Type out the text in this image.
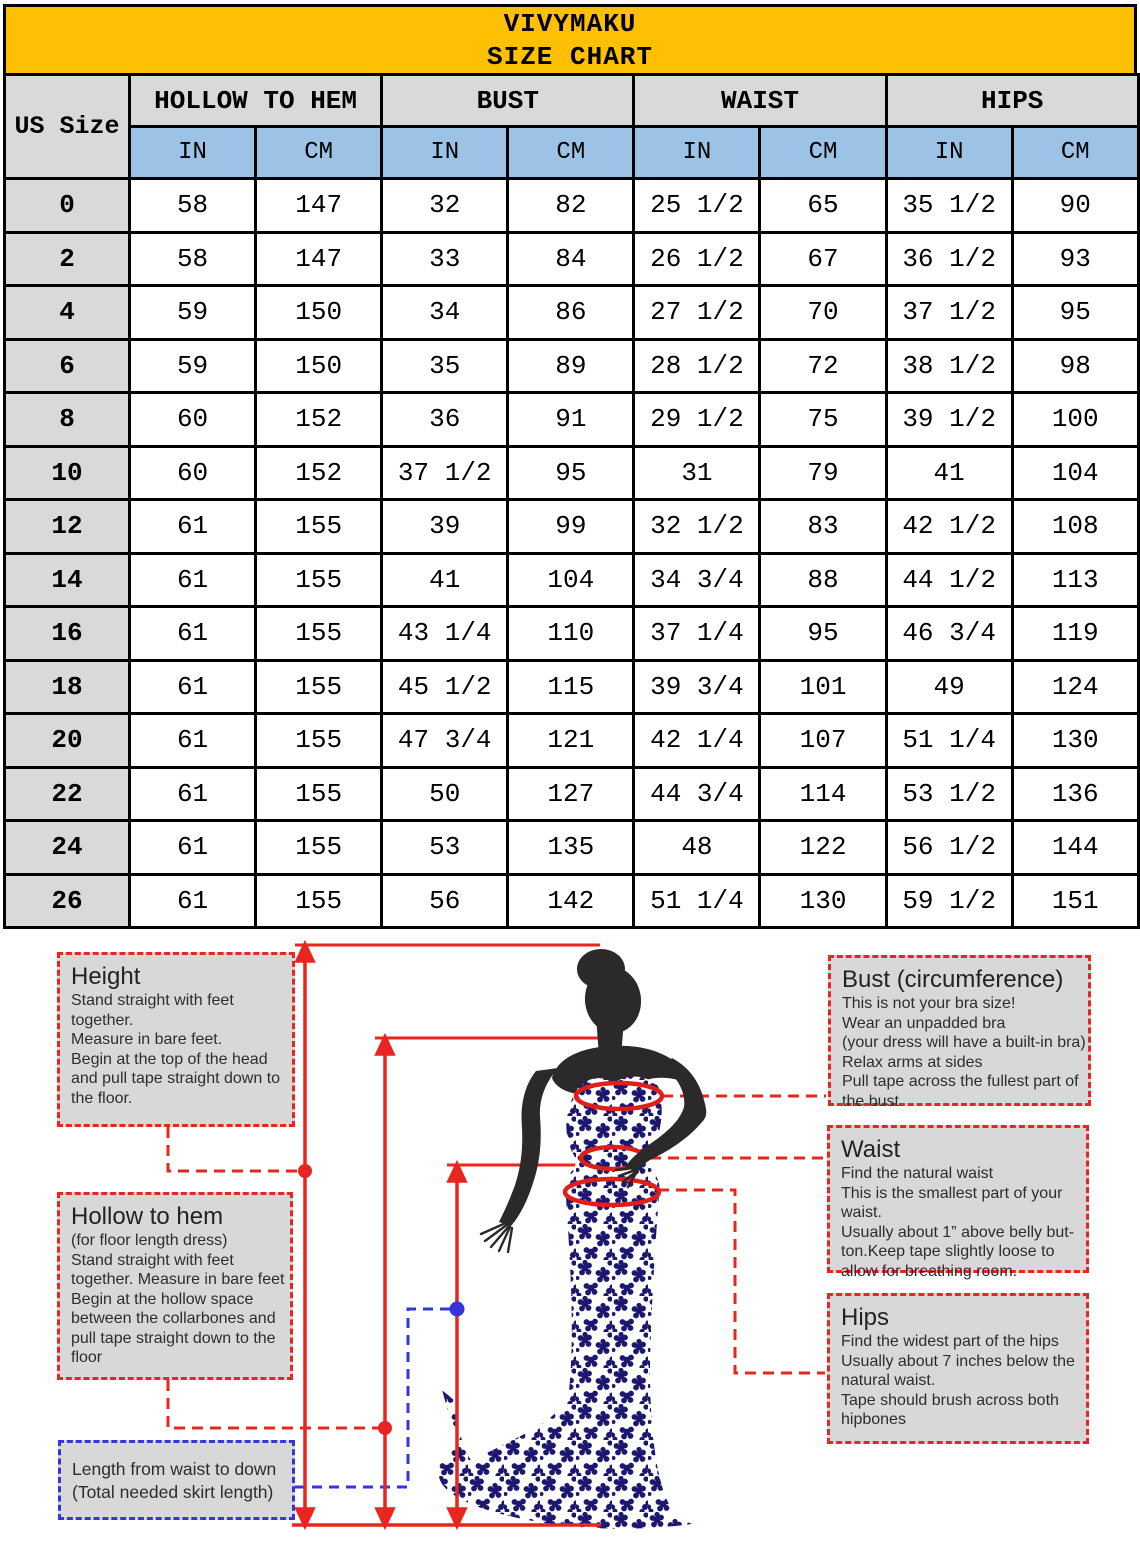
VIVYMAKU
SIZE CHART
US Size	HOLLOW TO HEM		BUST		WAIST		HIPS	
	IN	CM	IN	CM	IN	CM	IN	CM
0	58	147	32	82	25 1/2	65	35 1/2	90
2	58	147	33	84	26 1/2	67	36 1/2	93
4	59	150	34	86	27 1/2	70	37 1/2	95
6	59	150	35	89	28 1/2	72	38 1/2	98
8	60	152	36	91	29 1/2	75	39 1/2	100
10	60	152	37 1/2	95	31	79	41	104
12	61	155	39	99	32 1/2	83	42 1/2	108
14	61	155	41	104	34 3/4	88	44 1/2	113
16	61	155	43 1/4	110	37 1/4	95	46 3/4	119
18	61	155	45 1/2	115	39 3/4	101	49	124
20	61	155	47 3/4	121	42 1/4	107	51 1/4	130
22	61	155	50	127	44 3/4	114	53 1/2	136
24	61	155	53	135	48	122	56 1/2	144
26	61	155	56	142	51 1/4	130	59 1/2	151
Height
Stand straight with feet
together.
Measure in bare feet.
Begin at the top of the head
and pull tape straight down to
the floor.
Hollow to hem
(for floor length dress)
Stand straight with feet
together. Measure in bare feet
Begin at the hollow space
between the collarbones and
pull tape straight down to the
floor
Length from waist to down
(Total needed skirt length)
Bust (circumference)
This is not your bra size!
Wear an unpadded bra
(your dress will have a built-in bra)
Relax arms at sides
Pull tape across the fullest part of
the bust
Waist
Find the natural waist
This is the smallest part of your
waist.
Usually about 1” above belly but-
ton.Keep tape slightly loose to
allow for breathing room.
Hips
Find the widest part of the hips
Usually about 7 inches below the
natural waist.
Tape should brush across both
hipbones
